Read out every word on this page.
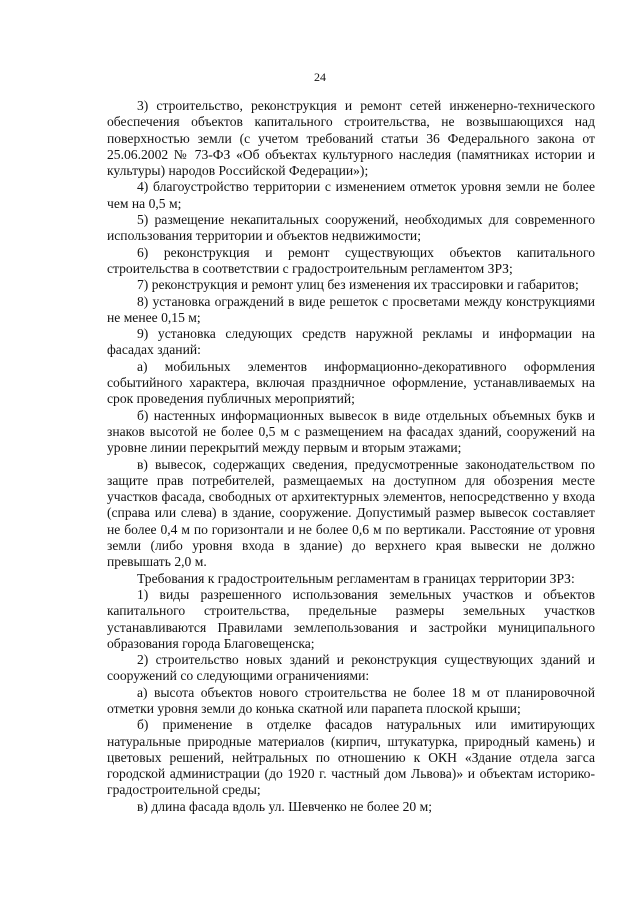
24

3) строительство, реконструкция и ремонт сетей инженерно-технического обеспечения объектов капитального строительства, не возвышающихся над поверхностью земли (с учетом требований статьи 36 Федерального закона от 25.06.2002 № 73-ФЗ «Об объектах культурного наследия (памятниках истории и культуры) народов Российской Федерации»);

4) благоустройство территории с изменением отметок уровня земли не более чем на 0,5 м;

5) размещение некапитальных сооружений, необходимых для современного использования территории и объектов недвижимости;

6) реконструкция и ремонт существующих объектов капитального строительства в соответствии с градостроительным регламентом ЗРЗ;

7) реконструкция и ремонт улиц без изменения их трассировки и габаритов;

8) установка ограждений в виде решеток с просветами между конструкциями не менее 0,15 м;

9) установка следующих средств наружной рекламы и информации на фасадах зданий:

а) мобильных элементов информационно-декоративного оформления событийного характера, включая праздничное оформление, устанавливаемых на срок проведения публичных мероприятий;

б) настенных информационных вывесок в виде отдельных объемных букв и знаков высотой не более 0,5 м с размещением на фасадах зданий, сооружений на уровне линии перекрытий между первым и вторым этажами;

в) вывесок, содержащих сведения, предусмотренные законодательством по защите прав потребителей, размещаемых на доступном для обозрения месте участков фасада, свободных от архитектурных элементов, непосредственно у входа (справа или слева) в здание, сооружение. Допустимый размер вывесок составляет не более 0,4 м по горизонтали и не более 0,6 м по вертикали. Расстояние от уровня земли (либо уровня входа в здание) до верхнего края вывески не должно превышать 2,0 м.

Требования к градостроительным регламентам в границах территории ЗРЗ:

1) виды разрешенного использования земельных участков и объектов капитального строительства, предельные размеры земельных участков устанавливаются Правилами землепользования и застройки муниципального образования города Благовещенска;

2) строительство новых зданий и реконструкция существующих зданий и сооружений со следующими ограничениями:

а) высота объектов нового строительства не более 18 м от планировочной отметки уровня земли до конька скатной или парапета плоской крыши;

б) применение в отделке фасадов натуральных или имитирующих натуральные природные материалов (кирпич, штукатурка, природный камень) и цветовых решений, нейтральных по отношению к ОКН «Здание отдела загса городской администрации (до 1920 г. частный дом Львова)» и объектам историко-градостроительной среды;

в) длина фасада вдоль ул. Шевченко не более 20 м;
